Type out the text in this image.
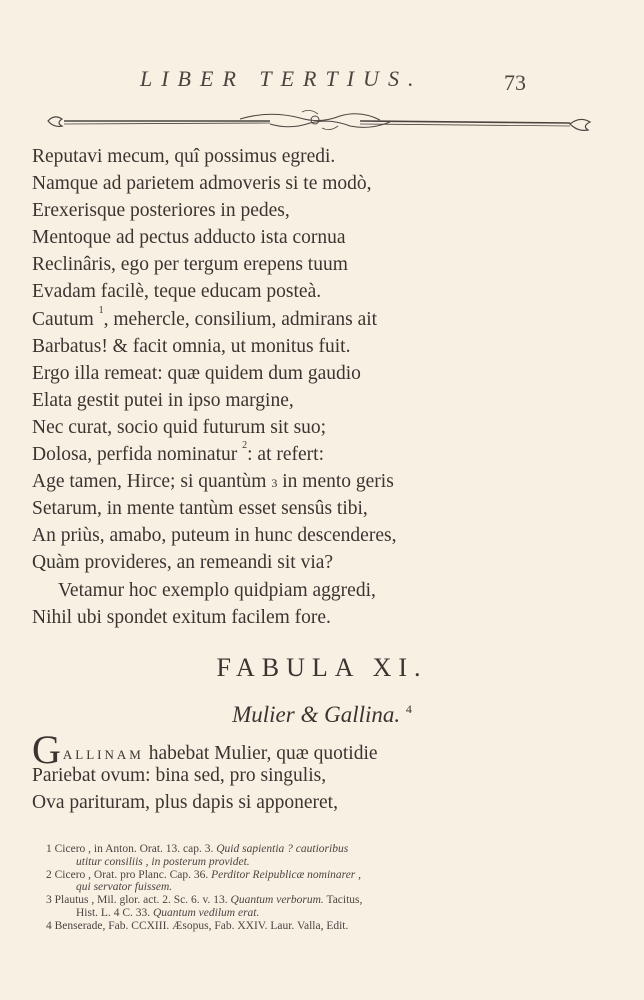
LIBER TERTIUS.	73
Reputavi mecum, quî possimus egredi.
Namque ad parietem admoveris si te modò,
Erexerisque posteriores in pedes,
Mentoque ad pectus adducto ista cornua
Reclinâris, ego per tergum erepens tuum
Evadam facilè, teque educam posteà.
Cautum $^1$, mehercle, consilium, admirans ait
Barbatus! & facit omnia, ut monitus fuit.
Ergo illa remeat: quæ quidem dum gaudio
Elata gestit putei in ipso margine,
Nec curat, socio quid futurum sit suo;
Dolosa, perfida nominatur $^2$: at refert:
Age tamen, Hirce; si quantùm 3 in mento geris
Setarum, in mente tantùm esset sensûs tibi,
An priùs, amabo, puteum in hunc descenderes,
Quàm provideres, an remeandi sit via?
Vetamur hoc exemplo quidpiam aggredi,
Nihil ubi spondet exitum facilem fore.
FABULA XI.
Mulier & Gallina. $^4$
GALLINAM habebat Mulier, quæ quotidie
Pariebat ovum: bina sed, pro singulis,
Ova parituram, plus dapis si apponeret,
1 Cicero , in Anton. Orat. 13. cap. 3. Quid sapientia ? cautioribus
utitur consiliis , in posterum providet.
2 Cicero , Orat. pro Planc. Cap. 36. Perditor Reipublicæ nominarer ,
qui servator fuissem.
3 Plautus , Mil. glor. act. 2. Sc. 6. v. 13. Quantum verborum. Tacitus,
Hist. L. 4 C. 33. Quantum vedilum erat.
4 Benserade, Fab. CCXIII. Æsopus, Fab. XXIV. Laur. Valla, Edit.
